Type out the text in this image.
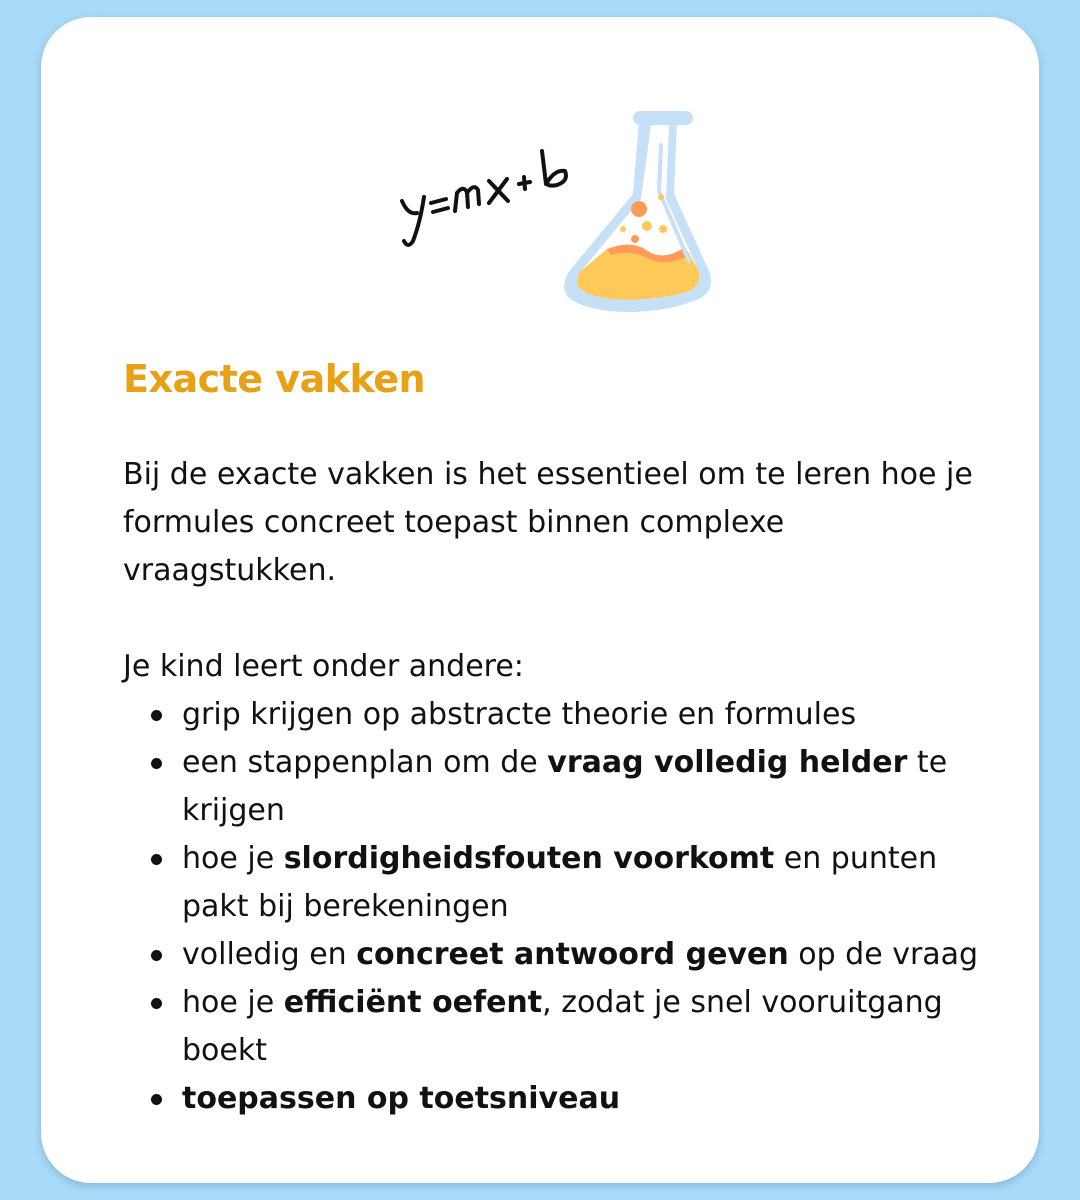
Exacte vakken

Bij de exacte vakken is het essentieel om te leren hoe je formules concreet toepast binnen complexe vraagstukken.

Je kind leert onder andere:

grip krijgen op abstracte theorie en formules
een stappenplan om de vraag volledig helder te krijgen
hoe je slordigheidsfouten voorkomt en punten pakt bij berekeningen
volledig en concreet antwoord geven op de vraag
hoe je efficiënt oefent, zodat je snel vooruitgang boekt
toepassen op toetsniveau
